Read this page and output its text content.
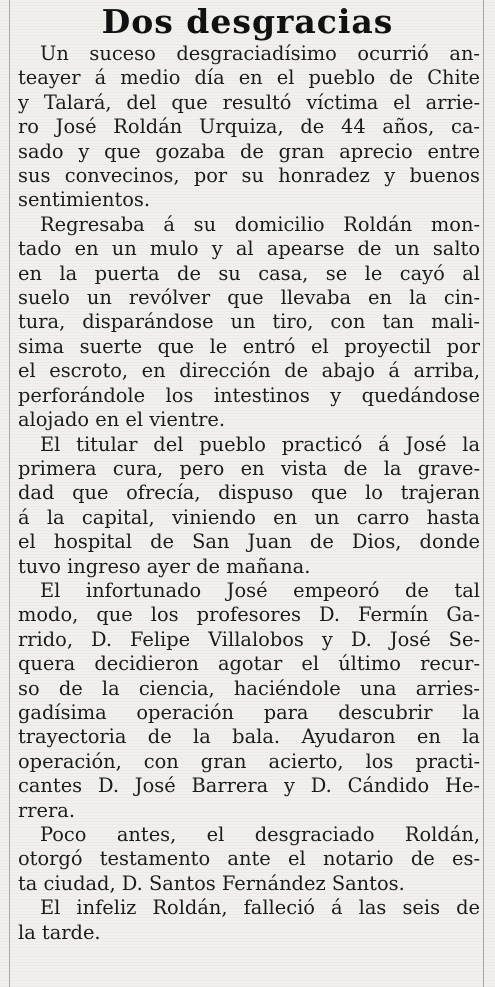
Dos desgracias
Un suceso desgraciadísimo ocurrió an-
teayer á medio día en el pueblo de Chite
y Talará, del que resultó víctima el arrie-
ro José Roldán Urquiza, de 44 años, ca-
sado y que gozaba de gran aprecio entre
sus convecinos, por su honradez y buenos
sentimientos.
Regresaba á su domicilio Roldán mon-
tado en un mulo y al apearse de un salto
en la puerta de su casa, se le cayó al
suelo un revólver que llevaba en la cin-
tura, disparándose un tiro, con tan mali-
sima suerte que le entró el proyectil por
el escroto, en dirección de abajo á arriba,
perforándole los intestinos y quedándose
alojado en el vientre.
El titular del pueblo practicó á José la
primera cura, pero en vista de la grave-
dad que ofrecía, dispuso que lo trajeran
á la capital, viniendo en un carro hasta
el hospital de San Juan de Dios, donde
tuvo ingreso ayer de mañana.
El infortunado José empeoró de tal
modo, que los profesores D. Fermín Ga-
rrido, D. Felipe Villalobos y D. José Se-
quera decidieron agotar el último recur-
so de la ciencia, haciéndole una arries-
gadísima operación para descubrir la
trayectoria de la bala. Ayudaron en la
operación, con gran acierto, los practi-
cantes D. José Barrera y D. Cándido He-
rrera.
Poco antes, el desgraciado Roldán,
otorgó testamento ante el notario de es-
ta ciudad, D. Santos Fernández Santos.
El infeliz Roldán, falleció á las seis de
la tarde.
